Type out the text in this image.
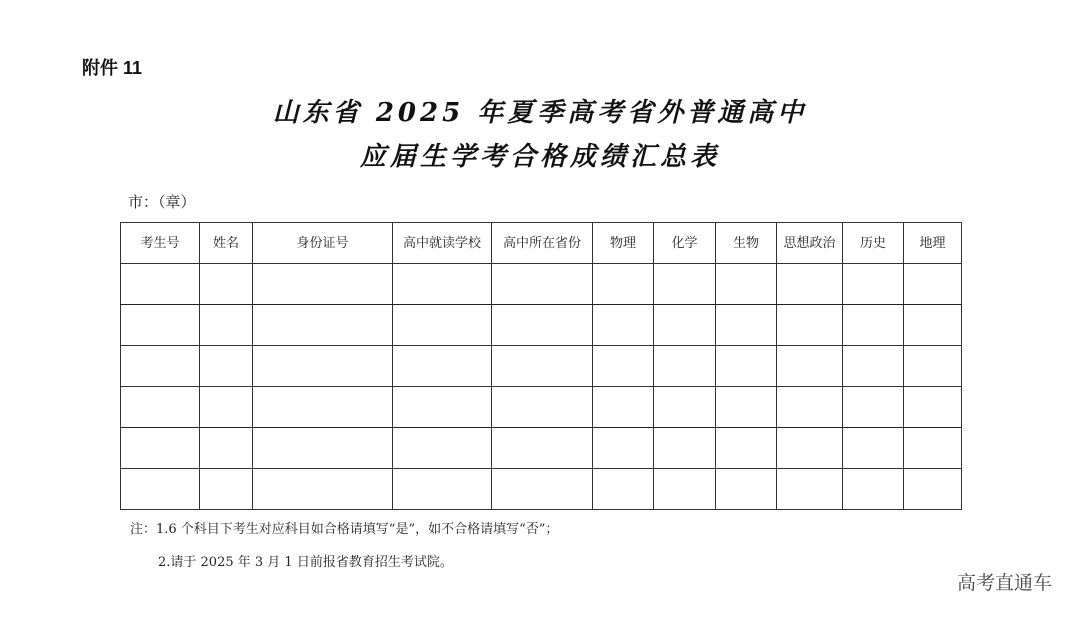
附件 11
山东省 2025 年夏季高考省外普通高中
应届生学考合格成绩汇总表
市：（章）
考生号	姓名	身份证号	高中就读学校	高中所在省份	物理	化学	生物	思想政治	历史	地理

注：1.6 个科目下考生对应科目如合格请填写“是”，如不合格请填写“否”；
2.请于 2025 年 3 月 1 日前报省教育招生考试院。
高考直通车
